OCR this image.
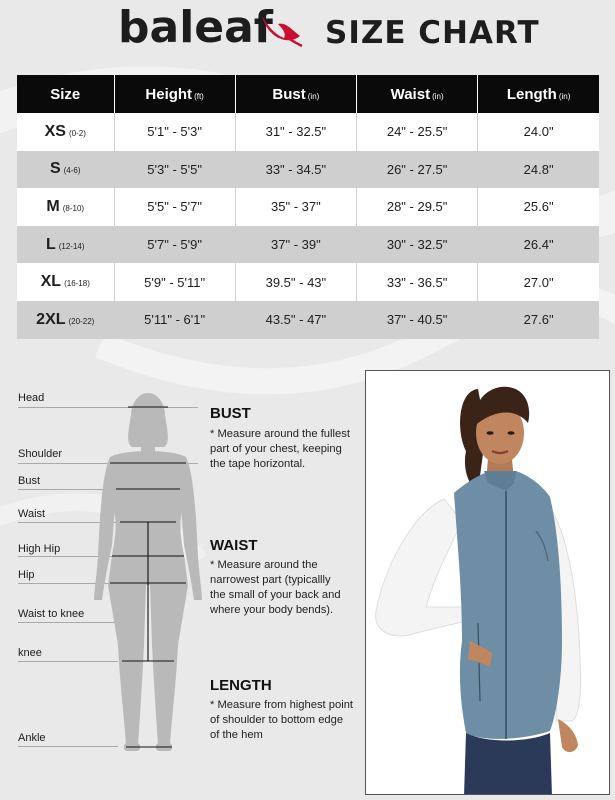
baleaf SIZE CHART
Size	Height (ft)	Bust (in)	Waist (in)	Length (in)
XS (0-2)	5'1" - 5'3"	31" - 32.5"	24" - 25.5"	24.0"
S (4-6)	5'3" - 5'5"	33" - 34.5"	26" - 27.5"	24.8"
M (8-10)	5'5" - 5'7"	35" - 37"	28" - 29.5"	25.6"
L (12-14)	5'7" - 5'9"	37" - 39"	30" - 32.5"	26.4"
XL (16-18)	5'9" - 5'11"	39.5" - 43"	33" - 36.5"	27.0"
2XL (20-22)	5'11" - 6'1"	43.5" - 47"	37" - 40.5"	27.6"
Head
Shoulder
Bust
Waist
High Hip
Hip
Waist to knee
knee
Ankle
BUST
* Measure around the fullest
part of your chest, keeping
the tape horizontal.
WAIST
* Measure around the
narrowest part (typicallly
the small of your back and
where your body bends).
LENGTH
* Measure from highest point
of shoulder to bottom edge
of the hem
